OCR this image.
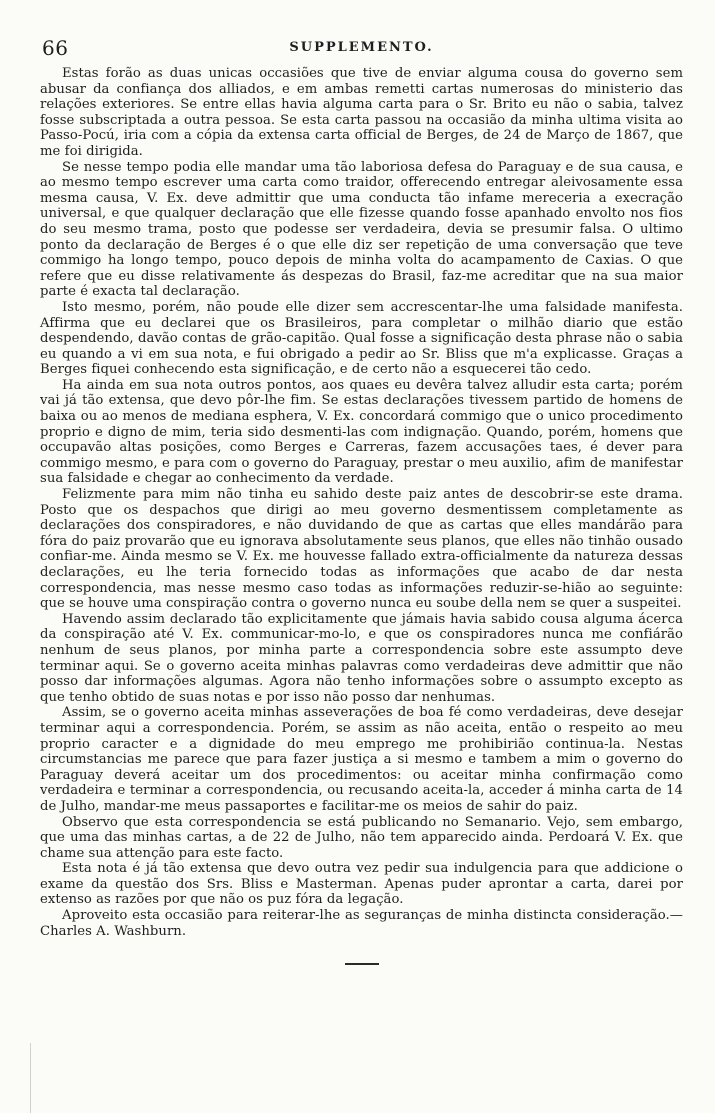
66	SUPPLEMENTO.

Estas forão as duas unicas occasiões que tive de enviar alguma cousa do governo sem abusar da confiança dos alliados, e em ambas remetti cartas numerosas do ministerio das relações exteriores. Se entre ellas havia alguma carta para o Sr. Brito eu não o sabia, talvez fosse subscriptada a outra pessoa. Se esta carta passou na occasião da minha ultima visita ao Passo-Pocú, iria com a cópia da extensa carta official de Berges, de 24 de Março de 1867, que me foi dirigida.

Se nesse tempo podia elle mandar uma tão laboriosa defesa do Paraguay e de sua causa, e ao mesmo tempo escrever uma carta como traidor, offerecendo entregar aleivosamente essa mesma causa, V. Ex. deve admittir que uma conducta tão infame mereceria a execração universal, e que qualquer declaração que elle fizesse quando fosse apanhado envolto nos fios do seu mesmo trama, posto que podesse ser verdadeira, devia se presumir falsa. O ultimo ponto da declaração de Berges é o que elle diz ser repetição de uma conversação que teve commigo ha longo tempo, pouco depois de minha volta do acampamento de Caxias. O que refere que eu disse relativamente ás despezas do Brasil, faz-me acreditar que na sua maior parte é exacta tal declaração.

Isto mesmo, porém, não poude elle dizer sem accrescentar-lhe uma falsidade manifesta. Affirma que eu declarei que os Brasileiros, para completar o milhão diario que estão despendendo, davão contas de grão-capitão. Qual fosse a significação desta phrase não o sabia eu quando a vi em sua nota, e fui obrigado a pedir ao Sr. Bliss que m'a explicasse. Graças a Berges fiquei conhecendo esta significação, e de certo não a esquecerei tão cedo.

Ha ainda em sua nota outros pontos, aos quaes eu devêra talvez alludir esta carta; porém vai já tão extensa, que devo pôr-lhe fim. Se estas declarações tivessem partido de homens de baixa ou ao menos de mediana esphera, V. Ex. concordará commigo que o unico procedimento proprio e digno de mim, teria sido desmenti-las com indignação. Quando, porém, homens que occupavão altas posições, como Berges e Carreras, fazem accusações taes, é dever para commigo mesmo, e para com o governo do Paraguay, prestar o meu auxilio, afim de manifestar sua falsidade e chegar ao conhecimento da verdade.

Felizmente para mim não tinha eu sahido deste paiz antes de descobrir-se este drama. Posto que os despachos que dirigi ao meu governo desmentissem completamente as declarações dos conspiradores, e não duvidando de que as cartas que elles mandárão para fóra do paiz provarão que eu ignorava absolutamente seus planos, que elles não tinhão ousado confiar-me. Ainda mesmo se V. Ex. me houvesse fallado extra-officialmente da natureza dessas declarações, eu lhe teria fornecido todas as informações que acabo de dar nesta correspondencia, mas nesse mesmo caso todas as informações reduzir-se-hião ao seguinte: que se houve uma conspiração contra o governo nunca eu soube della nem se quer a suspeitei.

Havendo assim declarado tão explicitamente que jámais havia sabido cousa alguma ácerca da conspiração até V. Ex. communicar-mo-lo, e que os conspiradores nunca me confiárão nenhum de seus planos, por minha parte a correspondencia sobre este assumpto deve terminar aqui. Se o governo aceita minhas palavras como verdadeiras deve admittir que não posso dar informações algumas. Agora não tenho informações sobre o assumpto excepto as que tenho obtido de suas notas e por isso não posso dar nenhumas.

Assim, se o governo aceita minhas asseverações de boa fé como verdadeiras, deve desejar terminar aqui a correspondencia. Porém, se assim as não aceita, então o respeito ao meu proprio caracter e a dignidade do meu emprego me prohibirião continua-la. Nestas circumstancias me parece que para fazer justiça a si mesmo e tambem a mim o governo do Paraguay deverá aceitar um dos procedimentos: ou aceitar minha confirmação como verdadeira e terminar a correspondencia, ou recusando aceita-la, acceder á minha carta de 14 de Julho, mandar-me meus passaportes e facilitar-me os meios de sahir do paiz.

Observo que esta correspondencia se está publicando no Semanario. Vejo, sem embargo, que uma das minhas cartas, a de 22 de Julho, não tem apparecido ainda. Perdoará V. Ex. que chame sua attenção para este facto.

Esta nota é já tão extensa que devo outra vez pedir sua indulgencia para que addicione o exame da questão dos Srs. Bliss e Masterman. Apenas puder aprontar a carta, darei por extenso as razões por que não os puz fóra da legação.

Aproveito esta occasião para reiterar-lhe as seguranças de minha distincta consideração.— Charles A. Washburn.
